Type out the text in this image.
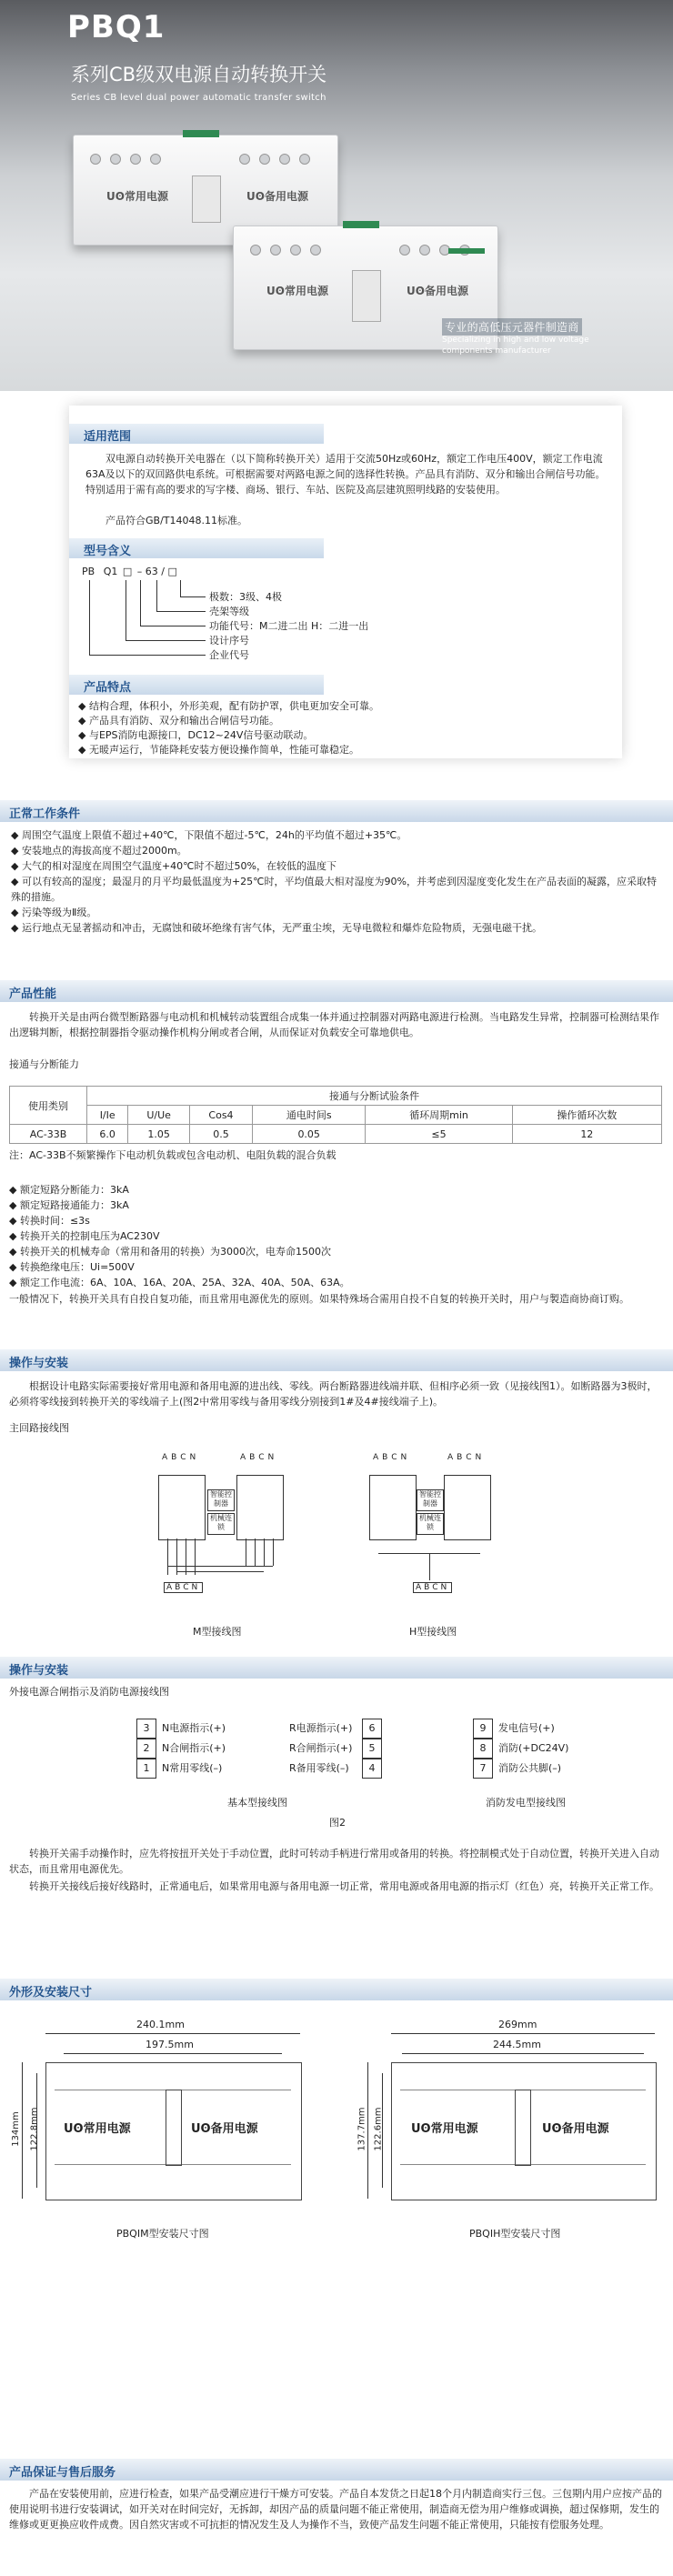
PBQ1
系列CB级双电源自动转换开关
Series CB level dual power automatic transfer switch
Uʘ常用电源	Uʘ备用电源
Uʘ常用电源	Uʘ备用电源
专业的高低压元器件制造商
Specializing in high and low voltage components manufacturer
适用范围
双电源自动转换开关电器在（以下简称转换开关）适用于交流50Hz或60Hz，额定工作电压400V，额定工作电流63A及以下的双回路供电系统。可根据需要对两路电源之间的选择性转换。产品具有消防、双分和输出合闸信号功能。特别适用于需有高的要求的写字楼、商场、银行、车站、医院及高层建筑照明线路的安装使用。
产品符合GB/T14048.11标准。
型号含义
PB Q1 □ – 63 / □
极数：3级、4极
壳架等级
功能代号：M二进二出 H：二进一出
设计序号
企业代号
产品特点
◆ 结构合理，体积小，外形美观，配有防护罩，供电更加安全可靠。
◆ 产品具有消防、双分和输出合闸信号功能。
◆ 与EPS消防电源接口，DC12~24V信号驱动联动。
◆ 无暖声运行，节能降耗安装方便设操作简单，性能可靠稳定。
正常工作条件
◆ 周围空气温度上限值不超过+40℃，下限值不超过-5℃，24h的平均值不超过+35℃。
◆ 安装地点的海拔高度不超过2000m。
◆ 大气的相对湿度在周围空气温度+40℃时不超过50%，在较低的温度下
◆ 可以有较高的湿度；最湿月的月平均最低温度为+25℃时，平均值最大相对湿度为90%，并考虑到因湿度变化发生在产品表面的凝露，应采取特殊的措施。
◆ 污染等级为Ⅱ级。
◆ 运行地点无显著摇动和冲击，无腐蚀和破坏绝缘有害气体，无严重尘埃，无导电微粒和爆炸危险物质，无强电磁干扰。
产品性能
转换开关是由两台微型断路器与电动机和机械转动装置组合成集一体并通过控制器对两路电源进行检测。当电路发生异常，控制器可检测结果作出逻辑判断，根据控制器指令驱动操作机构分闸或者合闸，从而保证对负载安全可靠地供电。
接通与分断能力
使用类别	接通与分断试验条件					
	I/Ie	U/Ue	Cos4	通电时间s	循环周期min	操作循环次数
AC-33B	6.0	1.05	0.5	0.05	≤5	12
注：AC-33B不频繁操作下电动机负载或包含电动机、电阻负载的混合负载
◆ 额定短路分断能力：3kA
◆ 额定短路接通能力：3kA
◆ 转换时间：≤3s
◆ 转换开关的控制电压为AC230V
◆ 转换开关的机械寿命（常用和备用的转换）为3000次，电寿命1500次
◆ 转换绝缘电压：Ui=500V
◆ 额定工作电流：6A、10A、16A、20A、25A、32A、40A、50A、63A。
一般情况下，转换开关具有自投自复功能，而且常用电源优先的原则。如果特殊场合需用自投不自复的转换开关时，用户与製造商协商订购。
操作与安装
根据设计电路实际需要接好常用电源和备用电源的进出线、零线。两台断路器进线端并联、但相序必须一致（见接线图1）。如断路器为3极时，必须将零线接到转换开关的零线端子上(图2中常用零线与备用零线分别接到1#及4#接线端子上)。
主回路接线图
ABCN	ABCN
智能控制器
机械连锁
ABCN
M型接线图
ABCN	ABCN
智能控制器
机械连锁
ABCN
H型接线图
操作与安装
外接电源合闸指示及消防电源接线图
3
2
1
N电源指示(+)
N合闸指示(+)
N常用零线(–)
R电源指示(+)
R合闸指示(+)
R备用零线(–)
6
5
4
基本型接线图
9
8
7
发电信号(+)
消防(+DC24V)
消防公共脚(–)
消防发电型接线图
图2
转换开关需手动操作时，应先将按扭开关处于手动位置，此时可转动手柄进行常用或备用的转换。将控制模式处于自动位置，转换开关进入自动状态，而且常用电源优先。
转换开关接线后接好线路时，正常通电后，如果常用电源与备用电源一切正常，常用电源或备用电源的指示灯（红色）亮，转换开关正常工作。
外形及安装尺寸
240.1mm
197.5mm
Uʘ常用电源	Uʘ备用电源
134mm 122.8mm
PBQIM型安装尺寸图
269mm
244.5mm
Uʘ常用电源	Uʘ备用电源
137.7mm 122.6mm
PBQIH型安装尺寸图
产品保证与售后服务
产品在安装使用前，应进行检查，如果产品受潮应进行干燥方可安装。产品自本发货之日起18个月内制造商实行三包。三包期内用户应按产品的使用说明书进行安装调试，如开关对在时间完好，无拆卸，却因产品的质量问题不能正常使用，制造商无偿为用户维修或调换，超过保修期，发生的维修或更更换应收件成费。因自然灾害或不可抗拒的情况发生及人为操作不当，致使产品发生问题不能正常使用，只能按有偿服务处理。
